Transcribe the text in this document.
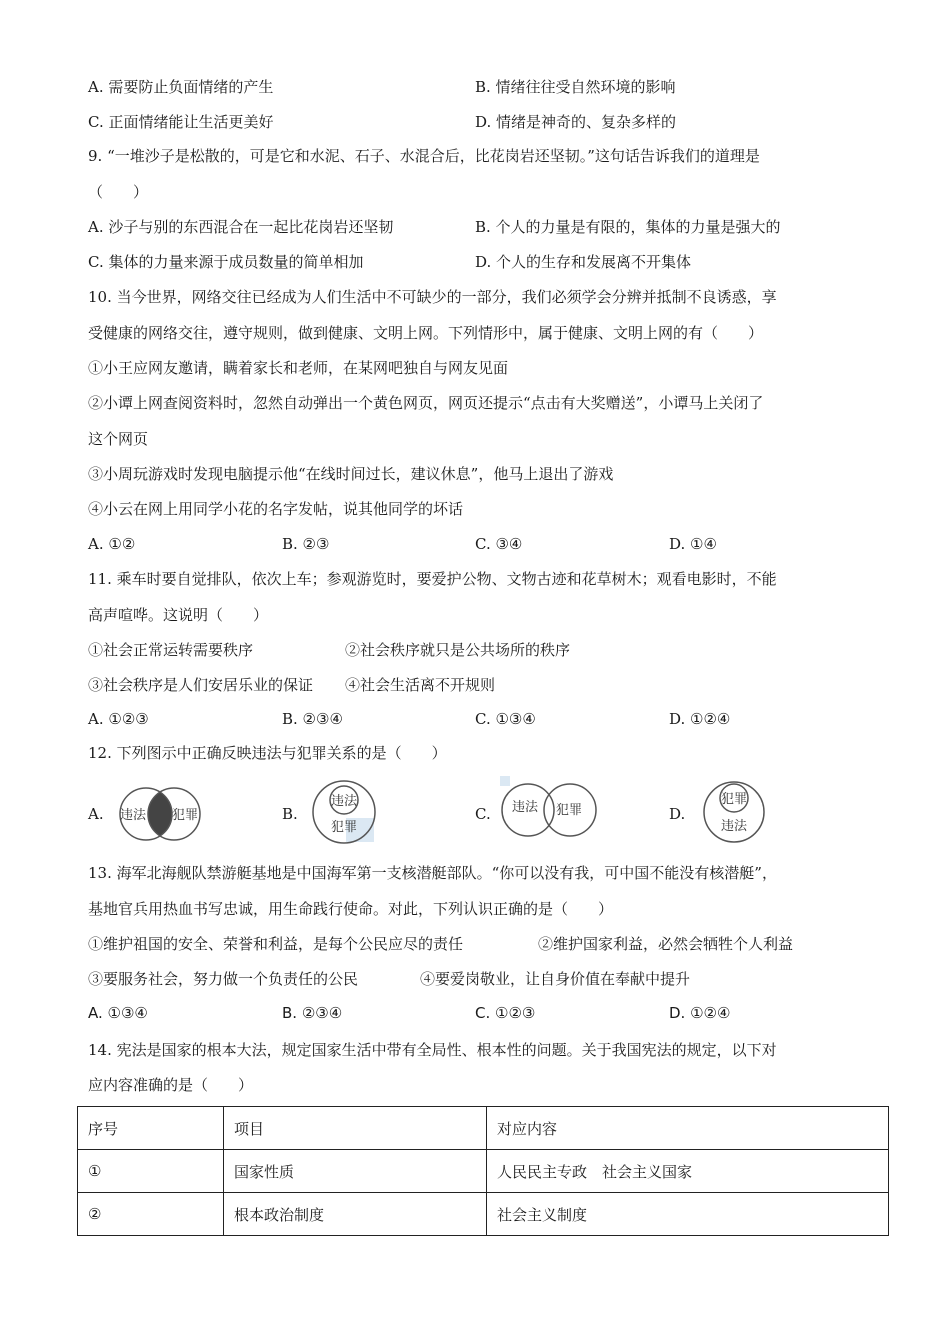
A. 需要防止负面情绪的产生	B. 情绪往往受自然环境的影响
C. 正面情绪能让生活更美好	D. 情绪是神奇的、复杂多样的
9. “一堆沙子是松散的，可是它和水泥、石子、水混合后，比花岗岩还坚韧。”这句话告诉我们的道理是
（　　）
A. 沙子与别的东西混合在一起比花岗岩还坚韧	B. 个人的力量是有限的，集体的力量是强大的
C. 集体的力量来源于成员数量的简单相加	D. 个人的生存和发展离不开集体
10. 当今世界，网络交往已经成为人们生活中不可缺少的一部分，我们必须学会分辨并抵制不良诱惑，享
受健康的网络交往，遵守规则，做到健康、文明上网。下列情形中，属于健康、文明上网的有（　　）
①小王应网友邀请，瞒着家长和老师，在某网吧独自与网友见面
②小谭上网查阅资料时，忽然自动弹出一个黄色网页，网页还提示“点击有大奖赠送”，小谭马上关闭了
这个网页
③小周玩游戏时发现电脑提示他“在线时间过长，建议休息”，他马上退出了游戏
④小云在网上用同学小花的名字发帖，说其他同学的坏话
A. ①②	B. ②③	C. ③④	D. ①④
11. 乘车时要自觉排队，依次上车；参观游览时，要爱护公物、文物古迹和花草树木；观看电影时，不能
高声喧哗。这说明（　　）
①社会正常运转需要秩序	②社会秩序就只是公共场所的秩序
③社会秩序是人们安居乐业的保证 ④社会生活离不开规则
A. ①②③	B. ②③④	C. ①③④	D. ①②④
12. 下列图示中正确反映违法与犯罪关系的是（　　）
A. 违法 犯罪	B.
违法
犯罪
C. 违法 犯罪	D.
犯罪
违法
13. 海军北海舰队禁游艇基地是中国海军第一支核潜艇部队。“你可以没有我，可中国不能没有核潜艇”，
基地官兵用热血书写忠诚，用生命践行使命。对此，下列认识正确的是（　　）
①维护祖国的安全、荣誉和利益，是每个公民应尽的责任	②维护国家利益，必然会牺牲个人利益
③要服务社会，努力做一个负责任的公民	④要爱岗敬业，让自身价值在奉献中提升
A. ①③④	B. ②③④	C. ①②③	D. ①②④
14. 宪法是国家的根本大法，规定国家生活中带有全局性、根本性的问题。关于我国宪法的规定，以下对
应内容准确的是（　　）
序号	项目	对应内容
①	国家性质	人民民主专政　社会主义国家
②	根本政治制度	社会主义制度
